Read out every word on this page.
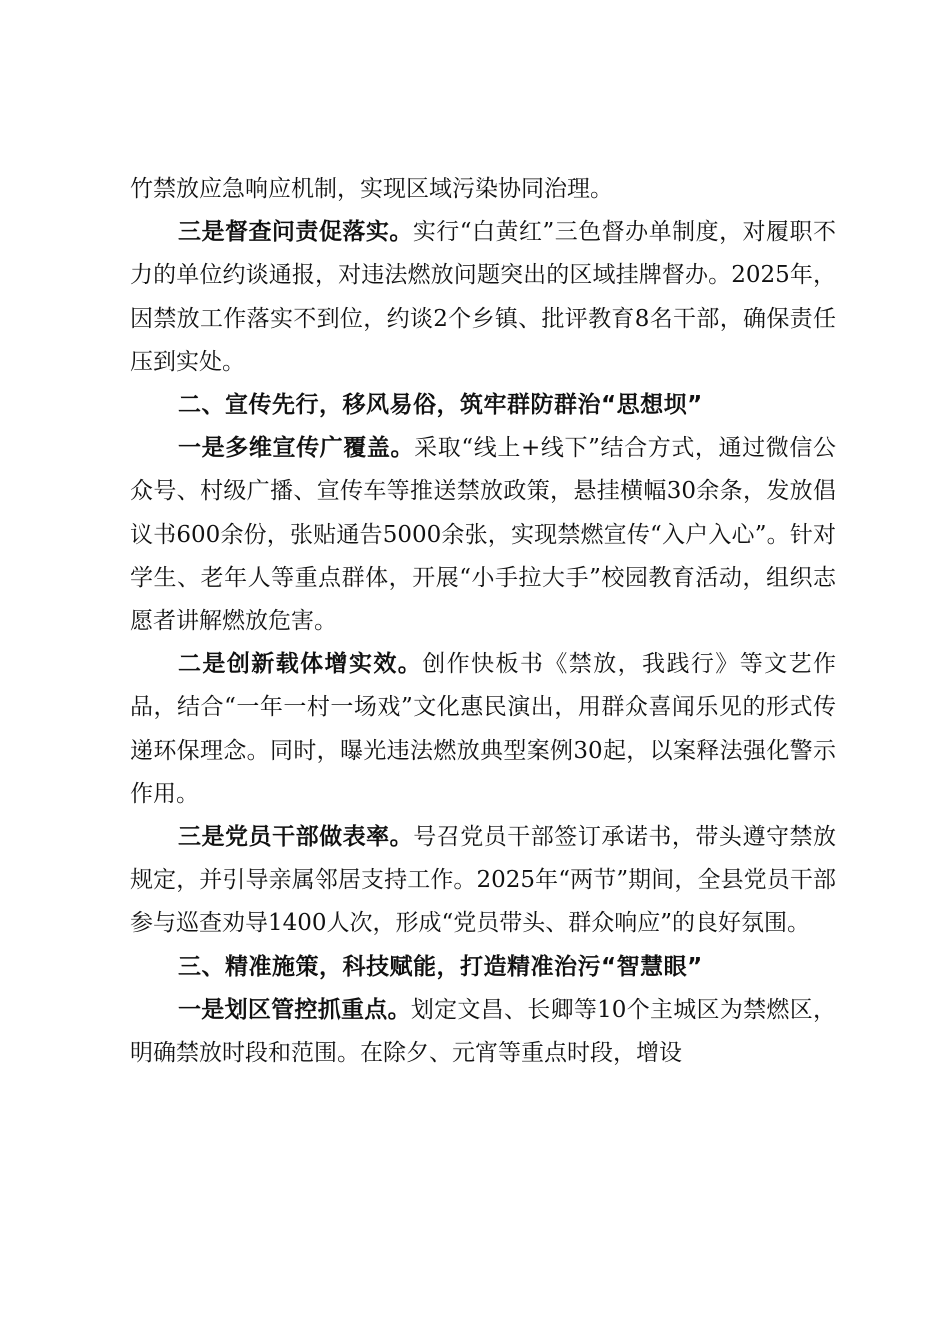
竹禁放应急响应机制，实现区域污染协同治理。

三是督查问责促落实。实行“白黄红”三色督办单制度，对履职不力的单位约谈通报，对违法燃放问题突出的区域挂牌督办。2025年，因禁放工作落实不到位，约谈2个乡镇、批评教育8名干部，确保责任压到实处。

二、宣传先行，移风易俗，筑牢群防群治“思想坝”

一是多维宣传广覆盖。采取“线上+线下”结合方式，通过微信公众号、村级广播、宣传车等推送禁放政策，悬挂横幅30余条，发放倡议书600余份，张贴通告5000余张，实现禁燃宣传“入户入心”。针对学生、老年人等重点群体，开展“小手拉大手”校园教育活动，组织志愿者讲解燃放危害。

二是创新载体增实效。创作快板书《禁放，我践行》等文艺作品，结合“一年一村一场戏”文化惠民演出，用群众喜闻乐见的形式传递环保理念。同时，曝光违法燃放典型案例30起，以案释法强化警示作用。

三是党员干部做表率。号召党员干部签订承诺书，带头遵守禁放规定，并引导亲属邻居支持工作。2025年“两节”期间，全县党员干部参与巡查劝导1400人次，形成“党员带头、群众响应”的良好氛围。

三、精准施策，科技赋能，打造精准治污“智慧眼”

一是划区管控抓重点。划定文昌、长卿等10个主城区为禁燃区，明确禁放时段和范围。在除夕、元宵等重点时段，增设
